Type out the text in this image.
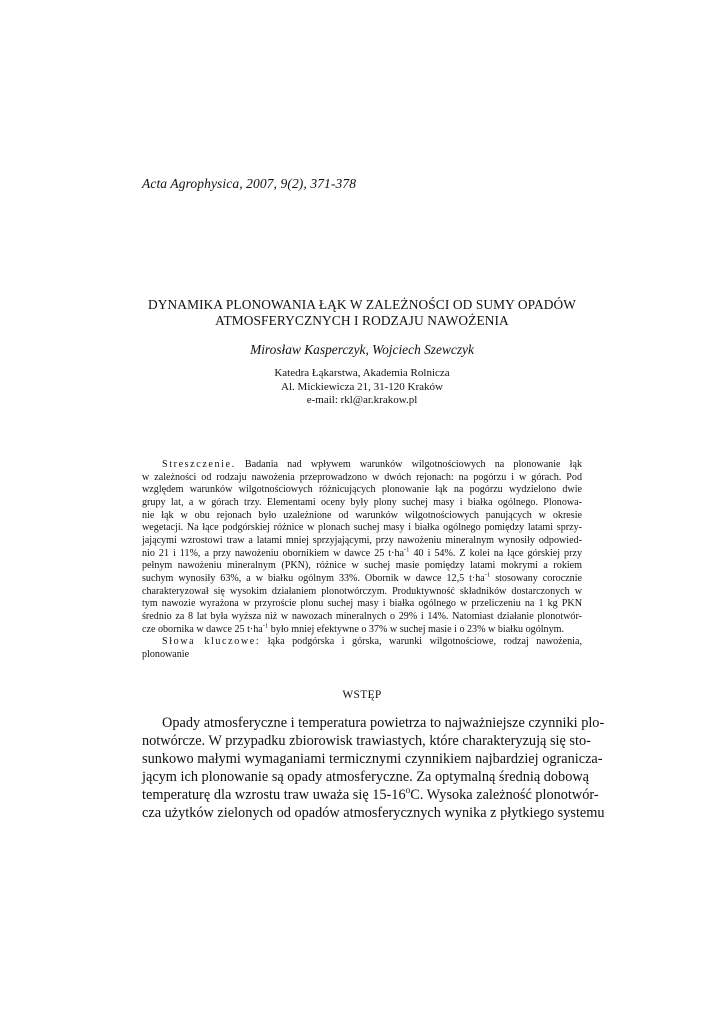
Acta Agrophysica, 2007, 9(2), 371-378
DYNAMIKA PLONOWANIA ŁĄK W ZALEŻNOŚCI OD SUMY OPADÓW
ATMOSFERYCZNYCH I RODZAJU NAWOŻENIA
Mirosław Kasperczyk, Wojciech Szewczyk
Katedra Łąkarstwa, Akademia Rolnicza
Al. Mickiewicza 21, 31-120 Kraków
e-mail: rkl@ar.krakow.pl
Streszczenie. Badania nad wpływem warunków wilgotnościowych na plonowanie łąk
w zależności od rodzaju nawożenia przeprowadzono w dwóch rejonach: na pogórzu i w górach. Pod
względem warunków wilgotnościowych różnicujących plonowanie łąk na pogórzu wydzielono dwie
grupy lat, a w górach trzy. Elementami oceny były plony suchej masy i białka ogólnego. Plonowa-
nie łąk w obu rejonach było uzależnione od warunków wilgotnościowych panujących w okresie
wegetacji. Na łące podgórskiej różnice w plonach suchej masy i białka ogólnego pomiędzy latami sprzy-
jającymi wzrostowi traw a latami mniej sprzyjającymi, przy nawożeniu mineralnym wynosiły odpowied-
nio 21 i 11%, a przy nawożeniu obornikiem w dawce 25 $t\cdot ha^{-1}$ 40 i 54%. Z kolei na łące górskiej przy
pełnym nawożeniu mineralnym (PKN), różnice w suchej masie pomiędzy latami mokrymi a rokiem
suchym wynosiły 63%, a w białku ogólnym 33%. Obornik w dawce 12,5 $t\cdot ha^{-1}$ stosowany corocznie
charakteryzował się wysokim działaniem plonotwórczym. Produktywność składników dostarczonych w
tym nawozie wyrażona w przyroście plonu suchej masy i białka ogólnego w przeliczeniu na 1 kg PKN
średnio za 8 lat była wyższa niż w nawozach mineralnych o 29% i 14%. Natomiast działanie plonotwór-
cze obornika w dawce 25 $t\cdot ha^{-1}$ było mniej efektywne o 37% w suchej masie i o 23% w białku ogólnym.
Słowa kluczowe: łąka podgórska i górska, warunki wilgotnościowe, rodzaj nawożenia,
plonowanie
WSTĘP
Opady atmosferyczne i temperatura powietrza to najważniejsze czynniki plo-
notwórcze. W przypadku zbiorowisk trawiastych, które charakteryzują się sto-
sunkowo małymi wymaganiami termicznymi czynnikiem najbardziej ogranicza-
jącym ich plonowanie są opady atmosferyczne. Za optymalną średnią dobową
temperaturę dla wzrostu traw uważa się 15-16$^o$C. Wysoka zależność plonotwór-
cza użytków zielonych od opadów atmosferycznych wynika z płytkiego systemu
